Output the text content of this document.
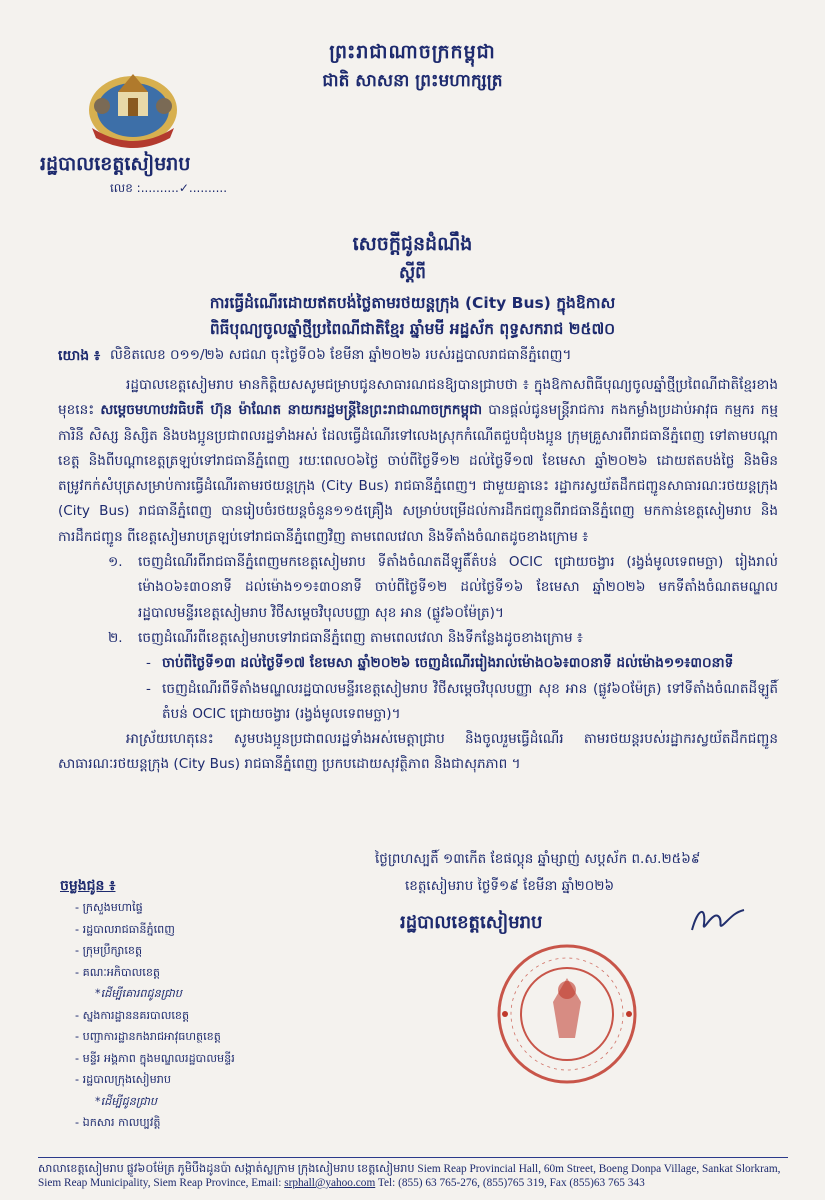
ព្រះរាជាណាចក្រកម្ពុជា
ជាតិ សាសនា ព្រះមហាក្សត្រ
រដ្ឋបាលខេត្តសៀមរាប
លេខ :..........✓..........
សេចក្តីជូនដំណឹង
ស្តីពី
ការធ្វើដំណើរដោយឥតបង់ថ្លៃតាមរថយន្តក្រុង (City Bus) ក្នុងឱកាស
ពិធីបុណ្យចូលឆ្នាំថ្មីប្រពៃណីជាតិខ្មែរ ឆ្នាំមមី អដ្ឋស័ក ពុទ្ធសករាជ ២៥៧០
យោង ៖ លិខិតលេខ ០១១/២៦ សជណ ចុះថ្ងៃទី០៦ ខែមីនា ឆ្នាំ២០២៦ របស់រដ្ឋបាលរាជធានីភ្នំពេញ។

រដ្ឋបាលខេត្តសៀមរាប មានកិត្តិយសសូមជម្រាបជូនសាធារណជនឱ្យបានជ្រាបថា ៖ ក្នុងឱកាសពិធីបុណ្យចូលឆ្នាំថ្មីប្រពៃណីជាតិខ្មែរខាងមុខនេះ សម្តេចមហាបវរធិបតី ហ៊ុន ម៉ាណែត នាយករដ្ឋមន្ត្រីនៃព្រះរាជាណាចក្រកម្ពុជា បានផ្តល់ជូនមន្ត្រីរាជការ កងកម្លាំងប្រដាប់អាវុធ កម្មករ កម្មការិនី សិស្ស និស្សិត និងបងប្អូនប្រជាពលរដ្ឋទាំងអស់ ដែលធ្វើដំណើរទៅលេងស្រុកកំណើតជួបជុំបងប្អូន ក្រុមគ្រួសារពីរាជធានីភ្នំពេញ ទៅតាមបណ្តាខេត្ត និងពីបណ្តាខេត្តត្រឡប់ទៅរាជធានីភ្នំពេញ រយៈពេល០៦ថ្ងៃ ចាប់ពីថ្ងៃទី១២ ដល់ថ្ងៃទី១៧ ខែមេសា ឆ្នាំ២០២៦ ដោយឥតបង់ថ្លៃ និងមិនតម្រូវកក់សំបុត្រសម្រាប់ការធ្វើដំណើរតាមរថយន្តក្រុង (City Bus) រាជធានីភ្នំពេញ។ ជាមួយគ្នានេះ រដ្ឋាករស្វយ័តដឹកជញ្ជូនសាធារណៈរថយន្តក្រុង (City Bus) រាជធានីភ្នំពេញ បានរៀបចំរថយន្តចំនួន១១៥គ្រឿង សម្រាប់បម្រើដល់ការដឹកជញ្ជូនពីរាជធានីភ្នំពេញ មកកាន់ខេត្តសៀមរាប និងការដឹកជញ្ជូន ពីខេត្តសៀមរាបត្រឡប់ទៅរាជធានីភ្នំពេញវិញ តាមពេលវេលា និងទីតាំងចំណតដូចខាងក្រោម ៖

១.	ចេញដំណើរពីរាជធានីភ្នំពេញមកខេត្តសៀមរាប ទីតាំងចំណតដីឡូតិ៍តំបន់ OCIC ជ្រោយចង្វារ (រង្វង់មូលទេពមច្ឆា) រៀងរាល់ម៉ោង០៦៖៣០នាទី ដល់ម៉ោង១១៖៣០នាទី ចាប់ពីថ្ងៃទី១២ ដល់ថ្ងៃទី១៦ ខែមេសា ឆ្នាំ២០២៦ មកទីតាំងចំណតមណ្ឌលរដ្ឋបាលមន្ទីរខេត្តសៀមរាប វិថីសម្តេចវិបុលបញ្ញា សុខ អាន (ផ្លូវ៦០ម៉ែត្រ)។
២.	ចេញដំណើរពីខេត្តសៀមរាបទៅរាជធានីភ្នំពេញ តាមពេលវេលា និងទីកន្លែងដូចខាងក្រោម ៖
- ចាប់ពីថ្ងៃទី១៣ ដល់ថ្ងៃទី១៧ ខែមេសា ឆ្នាំ២០២៦ ចេញដំណើររៀងរាល់ម៉ោង០៦៖៣០នាទី ដល់ម៉ោង១១៖៣០នាទី
- ចេញដំណើរពីទីតាំងមណ្ឌលរដ្ឋបាលមន្ទីរខេត្តសៀមរាប វិថីសម្តេចវិបុលបញ្ញា សុខ អាន (ផ្លូវ៦០ម៉ែត្រ) ទៅទីតាំងចំណតដីឡូតិ៍តំបន់ OCIC ជ្រោយចង្វារ (រង្វង់មូលទេពមច្ឆា)។

អាស្រ័យហេតុនេះ សូមបងប្អូនប្រជាពលរដ្ឋទាំងអស់មេត្តាជ្រាប និងចូលរួមធ្វើដំណើរ តាមរថយន្តរបស់រដ្ឋាករស្វយ័តដឹកជញ្ជូនសាធារណៈរថយន្តក្រុង (City Bus) រាជធានីភ្នំពេញ ប្រកបដោយសុវត្ថិភាព និងជាសុភភាព ។

ថ្ងៃព្រហស្បតិ៍ ១៣កើត ខែផល្គុន ឆ្នាំម្សាញ់ សប្តស័ក ព.ស.២៥៦៩
ខេត្តសៀមរាប ថ្ងៃទី១៩ ខែមីនា ឆ្នាំ២០២៦
រដ្ឋបាលខេត្តសៀមរាប
ចម្លងជូន ៖
- ក្រសួងមហាផ្ទៃ
- រដ្ឋបាលរាជធានីភ្នំពេញ
- ក្រុមប្រឹក្សាខេត្ត
- គណៈអភិបាលខេត្ត
*ដើម្បីគោរពជូនជ្រាប
- ស្នងការដ្ឋាននគរបាលខេត្ត
- បញ្ជាការដ្ឋានកងរាជអាវុធហត្ថខេត្ត
- មន្ទីរ អង្គភាព ក្នុងមណ្ឌលរដ្ឋបាលមន្ទីរ
- រដ្ឋបាលក្រុងសៀមរាប
*ដើម្បីជូនជ្រាប
- ឯកសារ កាលប្បវត្តិ
សាលាខេត្តសៀមរាប ផ្លូវ៦០ម៉ែត្រ ភូមិបឹងដូនប៉ា សង្កាត់ស្លក្រាម ក្រុងសៀមរាប ខេត្តសៀមរាប Siem Reap Provincial Hall, 60m Street, Boeng Donpa Village, Sankat Slorkram, Siem Reap Municipality, Siem Reap Province, Email: srphall@yahoo.com Tel: (855) 63 765-276, (855)765 319, Fax (855)63 765 343
